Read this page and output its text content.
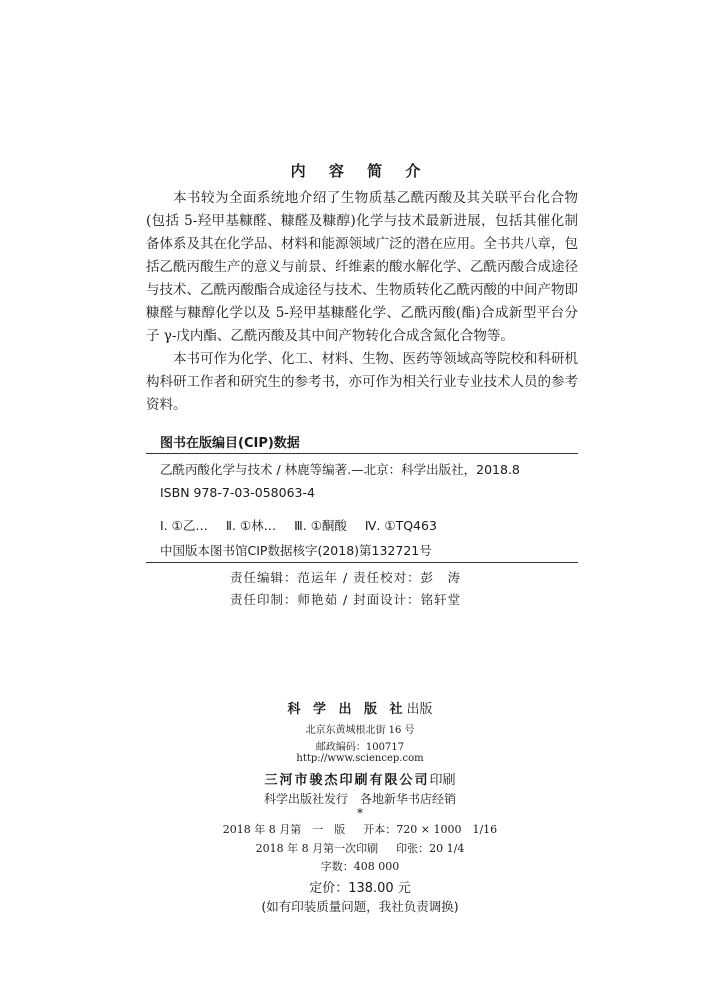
内 容 简 介

本书较为全面系统地介绍了生物质基乙酰丙酸及其关联平台化合物(包括 5-羟甲基糠醛、糠醛及糠醇)化学与技术最新进展，包括其催化制备体系及其在化学品、材料和能源领域广泛的潜在应用。全书共八章，包括乙酰丙酸生产的意义与前景、纤维素的酸水解化学、乙酰丙酸合成途径与技术、乙酰丙酸酯合成途径与技术、生物质转化乙酰丙酸的中间产物即糠醛与糠醇化学以及 5-羟甲基糠醛化学、乙酰丙酸(酯)合成新型平台分子 γ-戊内酯、乙酰丙酸及其中间产物转化合成含氮化合物等。

本书可作为化学、化工、材料、生物、医药等领域高等院校和科研机构科研工作者和研究生的参考书，亦可作为相关行业专业技术人员的参考资料。

图书在版编目(CIP)数据
乙酰丙酸化学与技术 / 林鹿等编著.—北京：科学出版社，2018.8
ISBN 978-7-03-058063-4
Ⅰ. ①乙… Ⅱ. ①林… Ⅲ. ①酮酸 Ⅳ. ①TQ463
中国版本图书馆CIP数据核字(2018)第132721号
责任编辑：范运年 / 责任校对：彭　涛
责任印制：师艳茹 / 封面设计：铭轩堂
科 学 出 版 社出版
北京东黄城根北街 16 号
邮政编码：100717
http://www.sciencep.com
三河市骏杰印刷有限公司印刷
科学出版社发行　各地新华书店经销
*
2018 年 8 月第　一　版 开本：720 × 1000　1/16
2018 年 8 月第一次印刷 印张：20 1/4
字数：408 000
定价：138.00 元
(如有印装质量问题，我社负责调换)
